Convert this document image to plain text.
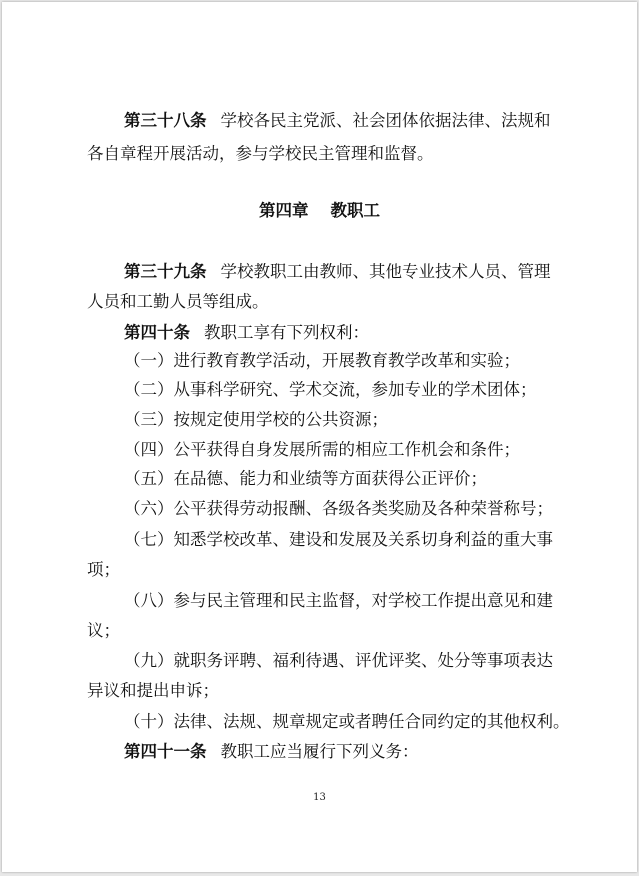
第三十八条 学校各民主党派、社会团体依据法律、法规和
各自章程开展活动，参与学校民主管理和监督。
第四章 教职工
第三十九条 学校教职工由教师、其他专业技术人员、管理
人员和工勤人员等组成。
第四十条 教职工享有下列权利：
（一）进行教育教学活动，开展教育教学改革和实验；
（二）从事科学研究、学术交流，参加专业的学术团体；
（三）按规定使用学校的公共资源；
（四）公平获得自身发展所需的相应工作机会和条件；
（五）在品德、能力和业绩等方面获得公正评价；
（六）公平获得劳动报酬、各级各类奖励及各种荣誉称号；
（七）知悉学校改革、建设和发展及关系切身利益的重大事
项；
（八）参与民主管理和民主监督，对学校工作提出意见和建
议；
（九）就职务评聘、福利待遇、评优评奖、处分等事项表达
异议和提出申诉；
（十）法律、法规、规章规定或者聘任合同约定的其他权利。
第四十一条 教职工应当履行下列义务：
13
